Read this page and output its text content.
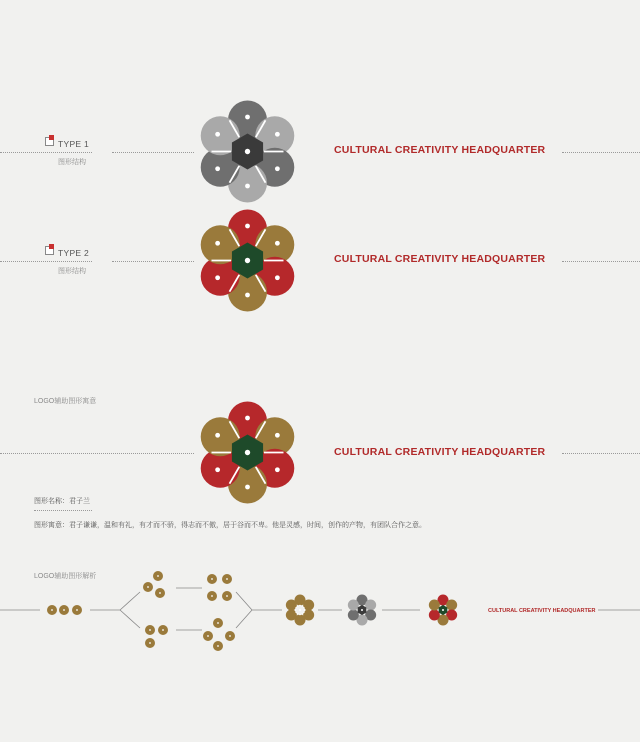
TYPE 1
图形结构
CULTURAL CREATIVITY HEADQUARTER
TYPE 2
图形结构
CULTURAL CREATIVITY HEADQUARTER
LOGO辅助图形寓意
CULTURAL CREATIVITY HEADQUARTER
图形名称：君子兰
图形寓意：君子谦谦，温和有礼，有才而不骄，得志而不傲，居于谷而不卑。他是灵感，时间，创作的产物，有团队合作之意。
LOGO辅助图形解析
CULTURAL CREATIVITY HEADQUARTER
